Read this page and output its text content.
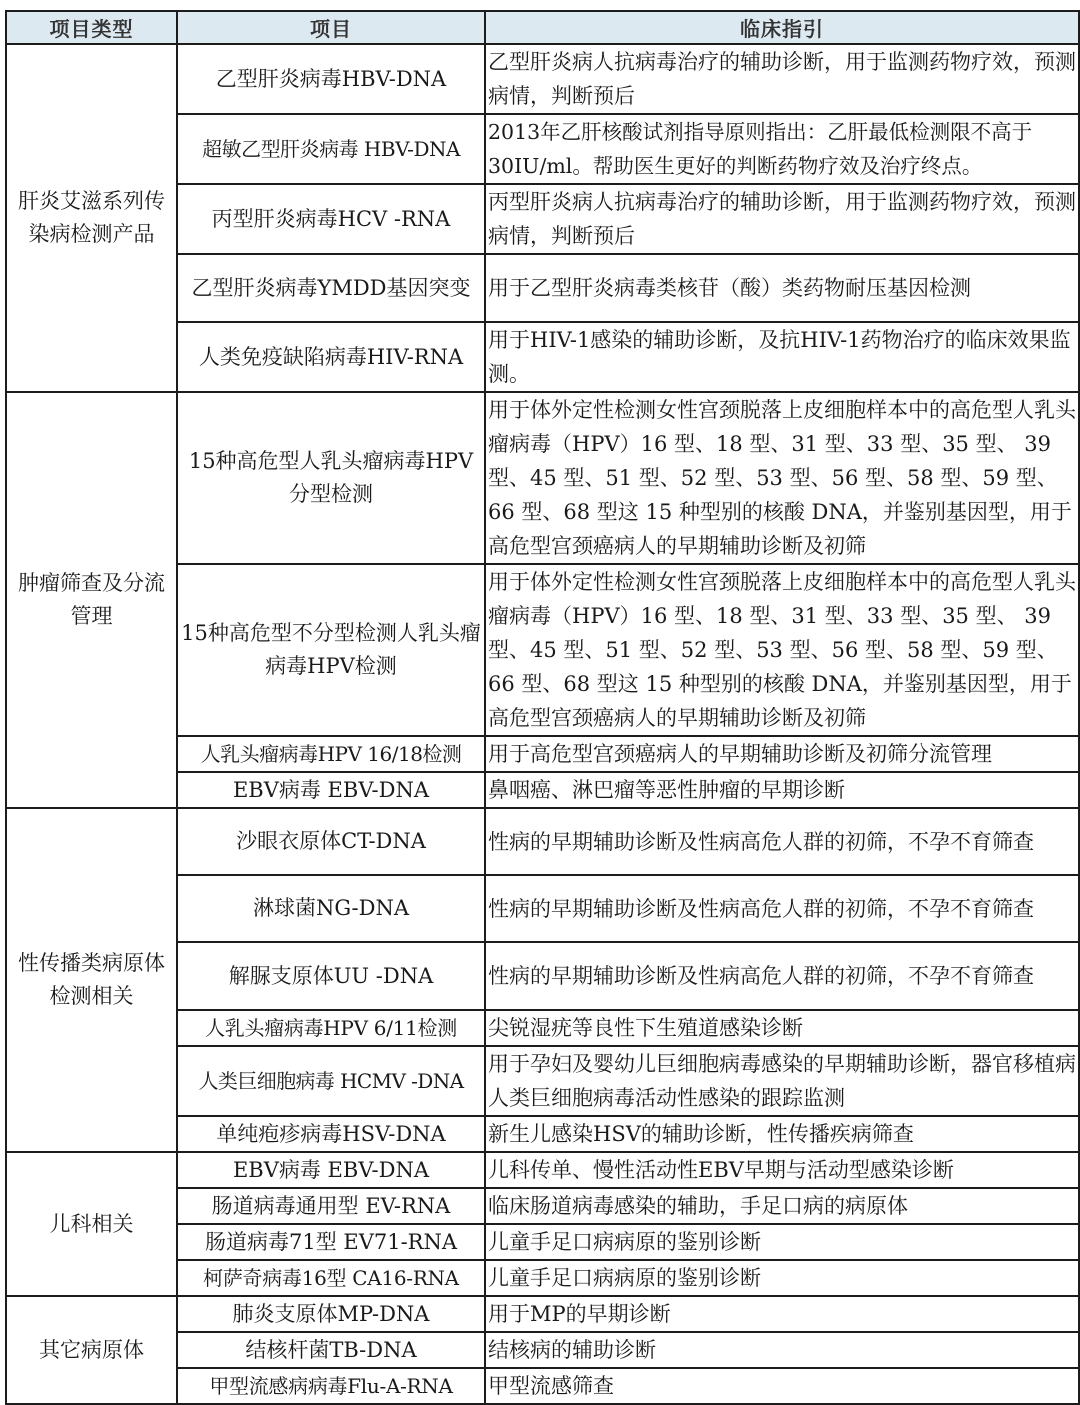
项目类型	项目	临床指引
肝炎艾滋系列传染病检测产品	乙型肝炎病毒HBV-DNA	乙型肝炎病人抗病毒治疗的辅助诊断，用于监测药物疗效，预测病情，判断预后
	超敏乙型肝炎病毒 HBV-DNA	2013年乙肝核酸试剂指导原则指出：乙肝最低检测限不高于30IU/ml。帮助医生更好的判断药物疗效及治疗终点。
	丙型肝炎病毒HCV -RNA	丙型肝炎病人抗病毒治疗的辅助诊断，用于监测药物疗效，预测病情，判断预后
	乙型肝炎病毒YMDD基因突变	用于乙型肝炎病毒类核苷（酸）类药物耐压基因检测
	人类免疫缺陷病毒HIV-RNA	用于HIV-1感染的辅助诊断，及抗HIV-1药物治疗的临床效果监测。
肿瘤筛查及分流管理	15种高危型人乳头瘤病毒HPV分型检测	用于体外定性检测女性宫颈脱落上皮细胞样本中的高危型人乳头瘤病毒（HPV）16 型、18 型、31 型、33 型、35 型、 39 型、45 型、51 型、52 型、53 型、56 型、58 型、59 型、66 型、68 型这 15 种型别的核酸 DNA，并鉴别基因型，用于高危型宫颈癌病人的早期辅助诊断及初筛
	15种高危型不分型检测人乳头瘤病毒HPV检测	用于体外定性检测女性宫颈脱落上皮细胞样本中的高危型人乳头瘤病毒（HPV）16 型、18 型、31 型、33 型、35 型、 39 型、45 型、51 型、52 型、53 型、56 型、58 型、59 型、66 型、68 型这 15 种型别的核酸 DNA，并鉴别基因型，用于高危型宫颈癌病人的早期辅助诊断及初筛
	人乳头瘤病毒HPV 16/18检测	用于高危型宫颈癌病人的早期辅助诊断及初筛分流管理
	EBV病毒 EBV-DNA	鼻咽癌、淋巴瘤等恶性肿瘤的早期诊断
性传播类病原体检测相关	沙眼衣原体CT-DNA	性病的早期辅助诊断及性病高危人群的初筛，不孕不育筛查
	淋球菌NG-DNA	性病的早期辅助诊断及性病高危人群的初筛，不孕不育筛查
	解脲支原体UU -DNA	性病的早期辅助诊断及性病高危人群的初筛，不孕不育筛查
	人乳头瘤病毒HPV 6/11检测	尖锐湿疣等良性下生殖道感染诊断
	人类巨细胞病毒 HCMV -DNA	用于孕妇及婴幼儿巨细胞病毒感染的早期辅助诊断，器官移植病人类巨细胞病毒活动性感染的跟踪监测
	单纯疱疹病毒HSV-DNA	新生儿感染HSV的辅助诊断，性传播疾病筛查
儿科相关	EBV病毒 EBV-DNA	儿科传单、慢性活动性EBV早期与活动型感染诊断
	肠道病毒通用型 EV-RNA	临床肠道病毒感染的辅助，手足口病的病原体
	肠道病毒71型 EV71-RNA	儿童手足口病病原的鉴别诊断
	柯萨奇病毒16型 CA16-RNA	儿童手足口病病原的鉴别诊断
其它病原体	肺炎支原体MP-DNA	用于MP的早期诊断
	结核杆菌TB-DNA	结核病的辅助诊断
	甲型流感病病毒Flu-A-RNA	甲型流感筛查
